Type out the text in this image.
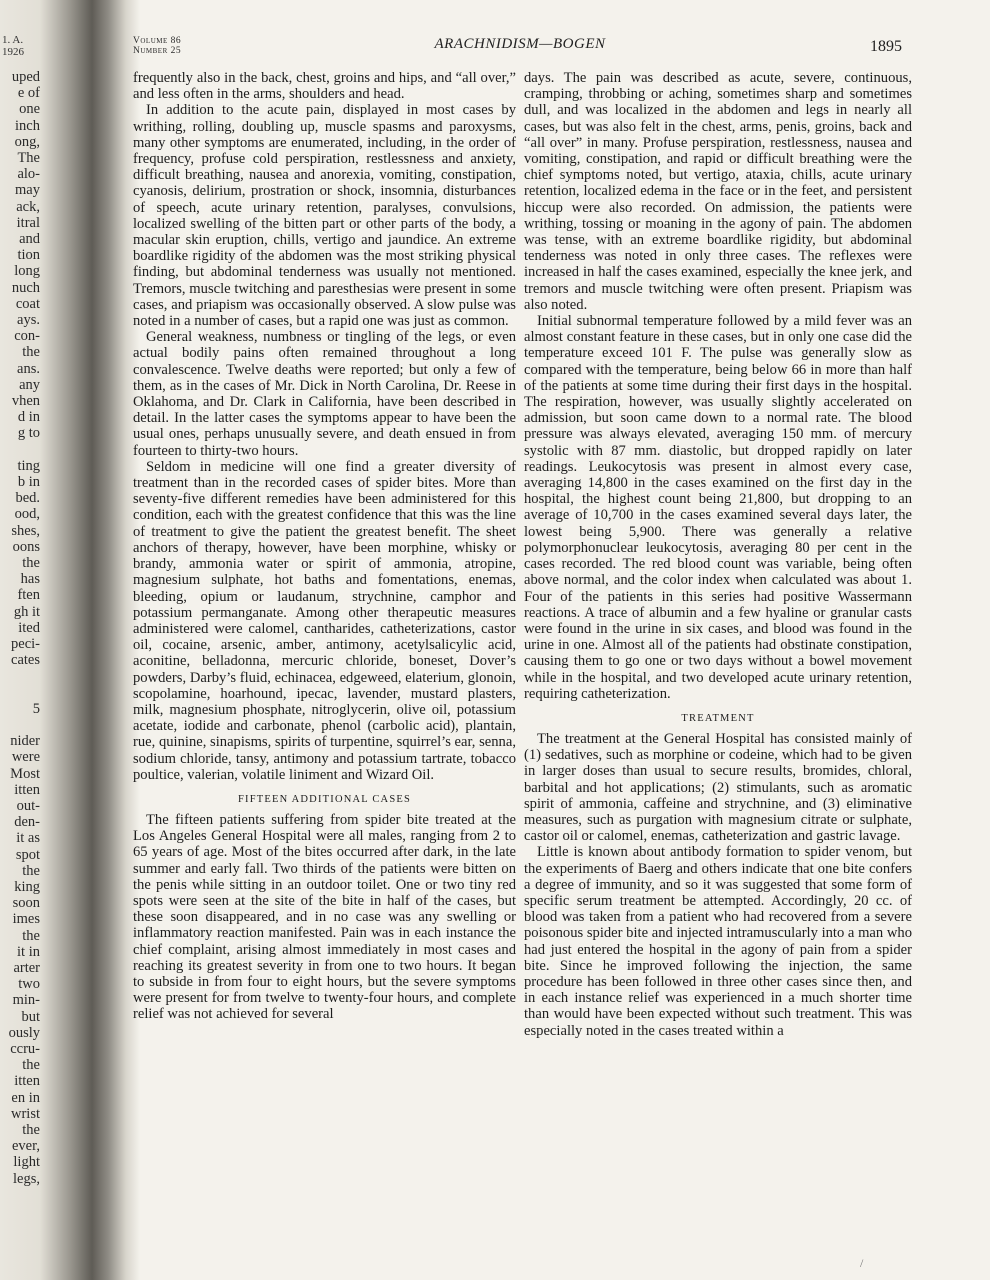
uped
e of
one
inch
ong,
The
alo-
may
ack,
itral
and
tion
long
nuch
coat
ays.
con-
the
ans.
any
vhen
d in
g to
ting
b in
bed.
ood,
shes,
oons
the
has
ften
gh it
ited
peci-
cates
5
nider
were
Most
itten
out-
den-
it as
spot
the
king
soon
imes
the
it in
arter
two
min-
but
ously
ccru-
the
itten
en in
wrist
the
ever,
light
legs,
1. A.
1926
Volume 86
Number 25	ARACHNIDISM—BOGEN	1895

frequently also in the back, chest, groins and hips, and “all over,” and less often in the arms, shoulders and head.

In addition to the acute pain, displayed in most cases by writhing, rolling, doubling up, muscle spasms and paroxysms, many other symptoms are enumerated, including, in the order of frequency, profuse cold perspiration, restlessness and anxiety, difficult breathing, nausea and anorexia, vomiting, constipation, cyanosis, delirium, prostration or shock, insomnia, disturbances of speech, acute urinary retention, paralyses, convulsions, localized swelling of the bitten part or other parts of the body, a macular skin eruption, chills, vertigo and jaundice. An extreme boardlike rigidity of the abdomen was the most striking physical finding, but abdominal tenderness was usually not mentioned. Tremors, muscle twitching and paresthesias were present in some cases, and priapism was occasionally observed. A slow pulse was noted in a number of cases, but a rapid one was just as common.

General weakness, numbness or tingling of the legs, or even actual bodily pains often remained throughout a long convalescence. Twelve deaths were reported; but only a few of them, as in the cases of Mr. Dick in North Carolina, Dr. Reese in Oklahoma, and Dr. Clark in California, have been described in detail. In the latter cases the symptoms appear to have been the usual ones, perhaps unusually severe, and death ensued in from fourteen to thirty-two hours.

Seldom in medicine will one find a greater diversity of treatment than in the recorded cases of spider bites. More than seventy-five different remedies have been administered for this condition, each with the greatest confidence that this was the line of treatment to give the patient the greatest benefit. The sheet anchors of therapy, however, have been morphine, whisky or brandy, ammonia water or spirit of ammonia, atropine, magnesium sulphate, hot baths and fomentations, enemas, bleeding, opium or laudanum, strychnine, camphor and potassium permanganate. Among other therapeutic measures administered were calomel, cantharides, catheterizations, castor oil, cocaine, arsenic, amber, antimony, acetylsalicylic acid, aconitine, belladonna, mercuric chloride, boneset, Dover’s powders, Darby’s fluid, echinacea, edgeweed, elaterium, glonoin, scopolamine, hoarhound, ipecac, lavender, mustard plasters, milk, magnesium phosphate, nitroglycerin, olive oil, potassium acetate, iodide and carbonate, phenol (carbolic acid), plantain, rue, quinine, sinapisms, spirits of turpentine, squirrel’s ear, senna, sodium chloride, tansy, antimony and potassium tartrate, tobacco poultice, valerian, volatile liniment and Wizard Oil.

FIFTEEN ADDITIONAL CASES

The fifteen patients suffering from spider bite treated at the Los Angeles General Hospital were all males, ranging from 2 to 65 years of age. Most of the bites occurred after dark, in the late summer and early fall. Two thirds of the patients were bitten on the penis while sitting in an outdoor toilet. One or two tiny red spots were seen at the site of the bite in half of the cases, but these soon disappeared, and in no case was any swelling or inflammatory reaction manifested. Pain was in each instance the chief complaint, arising almost immediately in most cases and reaching its greatest severity in from one to two hours. It began to subside in from four to eight hours, but the severe symptoms were present for from twelve to twenty-four hours, and complete relief was not achieved for several

days. The pain was described as acute, severe, continuous, cramping, throbbing or aching, sometimes sharp and sometimes dull, and was localized in the abdomen and legs in nearly all cases, but was also felt in the chest, arms, penis, groins, back and “all over” in many. Profuse perspiration, restlessness, nausea and vomiting, constipation, and rapid or difficult breathing were the chief symptoms noted, but vertigo, ataxia, chills, acute urinary retention, localized edema in the face or in the feet, and persistent hiccup were also recorded. On admission, the patients were writhing, tossing or moaning in the agony of pain. The abdomen was tense, with an extreme boardlike rigidity, but abdominal tenderness was noted in only three cases. The reflexes were increased in half the cases examined, especially the knee jerk, and tremors and muscle twitching were often present. Priapism was also noted.

Initial subnormal temperature followed by a mild fever was an almost constant feature in these cases, but in only one case did the temperature exceed 101 F. The pulse was generally slow as compared with the temperature, being below 66 in more than half of the patients at some time during their first days in the hospital. The respiration, however, was usually slightly accelerated on admission, but soon came down to a normal rate. The blood pressure was always elevated, averaging 150 mm. of mercury systolic with 87 mm. diastolic, but dropped rapidly on later readings. Leukocytosis was present in almost every case, averaging 14,800 in the cases examined on the first day in the hospital, the highest count being 21,800, but dropping to an average of 10,700 in the cases examined several days later, the lowest being 5,900. There was generally a relative polymorphonuclear leukocytosis, averaging 80 per cent in the cases recorded. The red blood count was variable, being often above normal, and the color index when calculated was about 1. Four of the patients in this series had positive Wassermann reactions. A trace of albumin and a few hyaline or granular casts were found in the urine in six cases, and blood was found in the urine in one. Almost all of the patients had obstinate constipation, causing them to go one or two days without a bowel movement while in the hospital, and two developed acute urinary retention, requiring catheterization.

TREATMENT

The treatment at the General Hospital has consisted mainly of (1) sedatives, such as morphine or codeine, which had to be given in larger doses than usual to secure results, bromides, chloral, barbital and hot applications; (2) stimulants, such as aromatic spirit of ammonia, caffeine and strychnine, and (3) eliminative measures, such as purgation with magnesium citrate or sulphate, castor oil or calomel, enemas, catheterization and gastric lavage.

Little is known about antibody formation to spider venom, but the experiments of Baerg and others indicate that one bite confers a degree of immunity, and so it was suggested that some form of specific serum treatment be attempted. Accordingly, 20 cc. of blood was taken from a patient who had recovered from a severe poisonous spider bite and injected intramuscularly into a man who had just entered the hospital in the agony of pain from a spider bite. Since he improved following the injection, the same procedure has been followed in three other cases since then, and in each instance relief was experienced in a much shorter time than would have been expected without such treatment. This was especially noted in the cases treated within a

/
